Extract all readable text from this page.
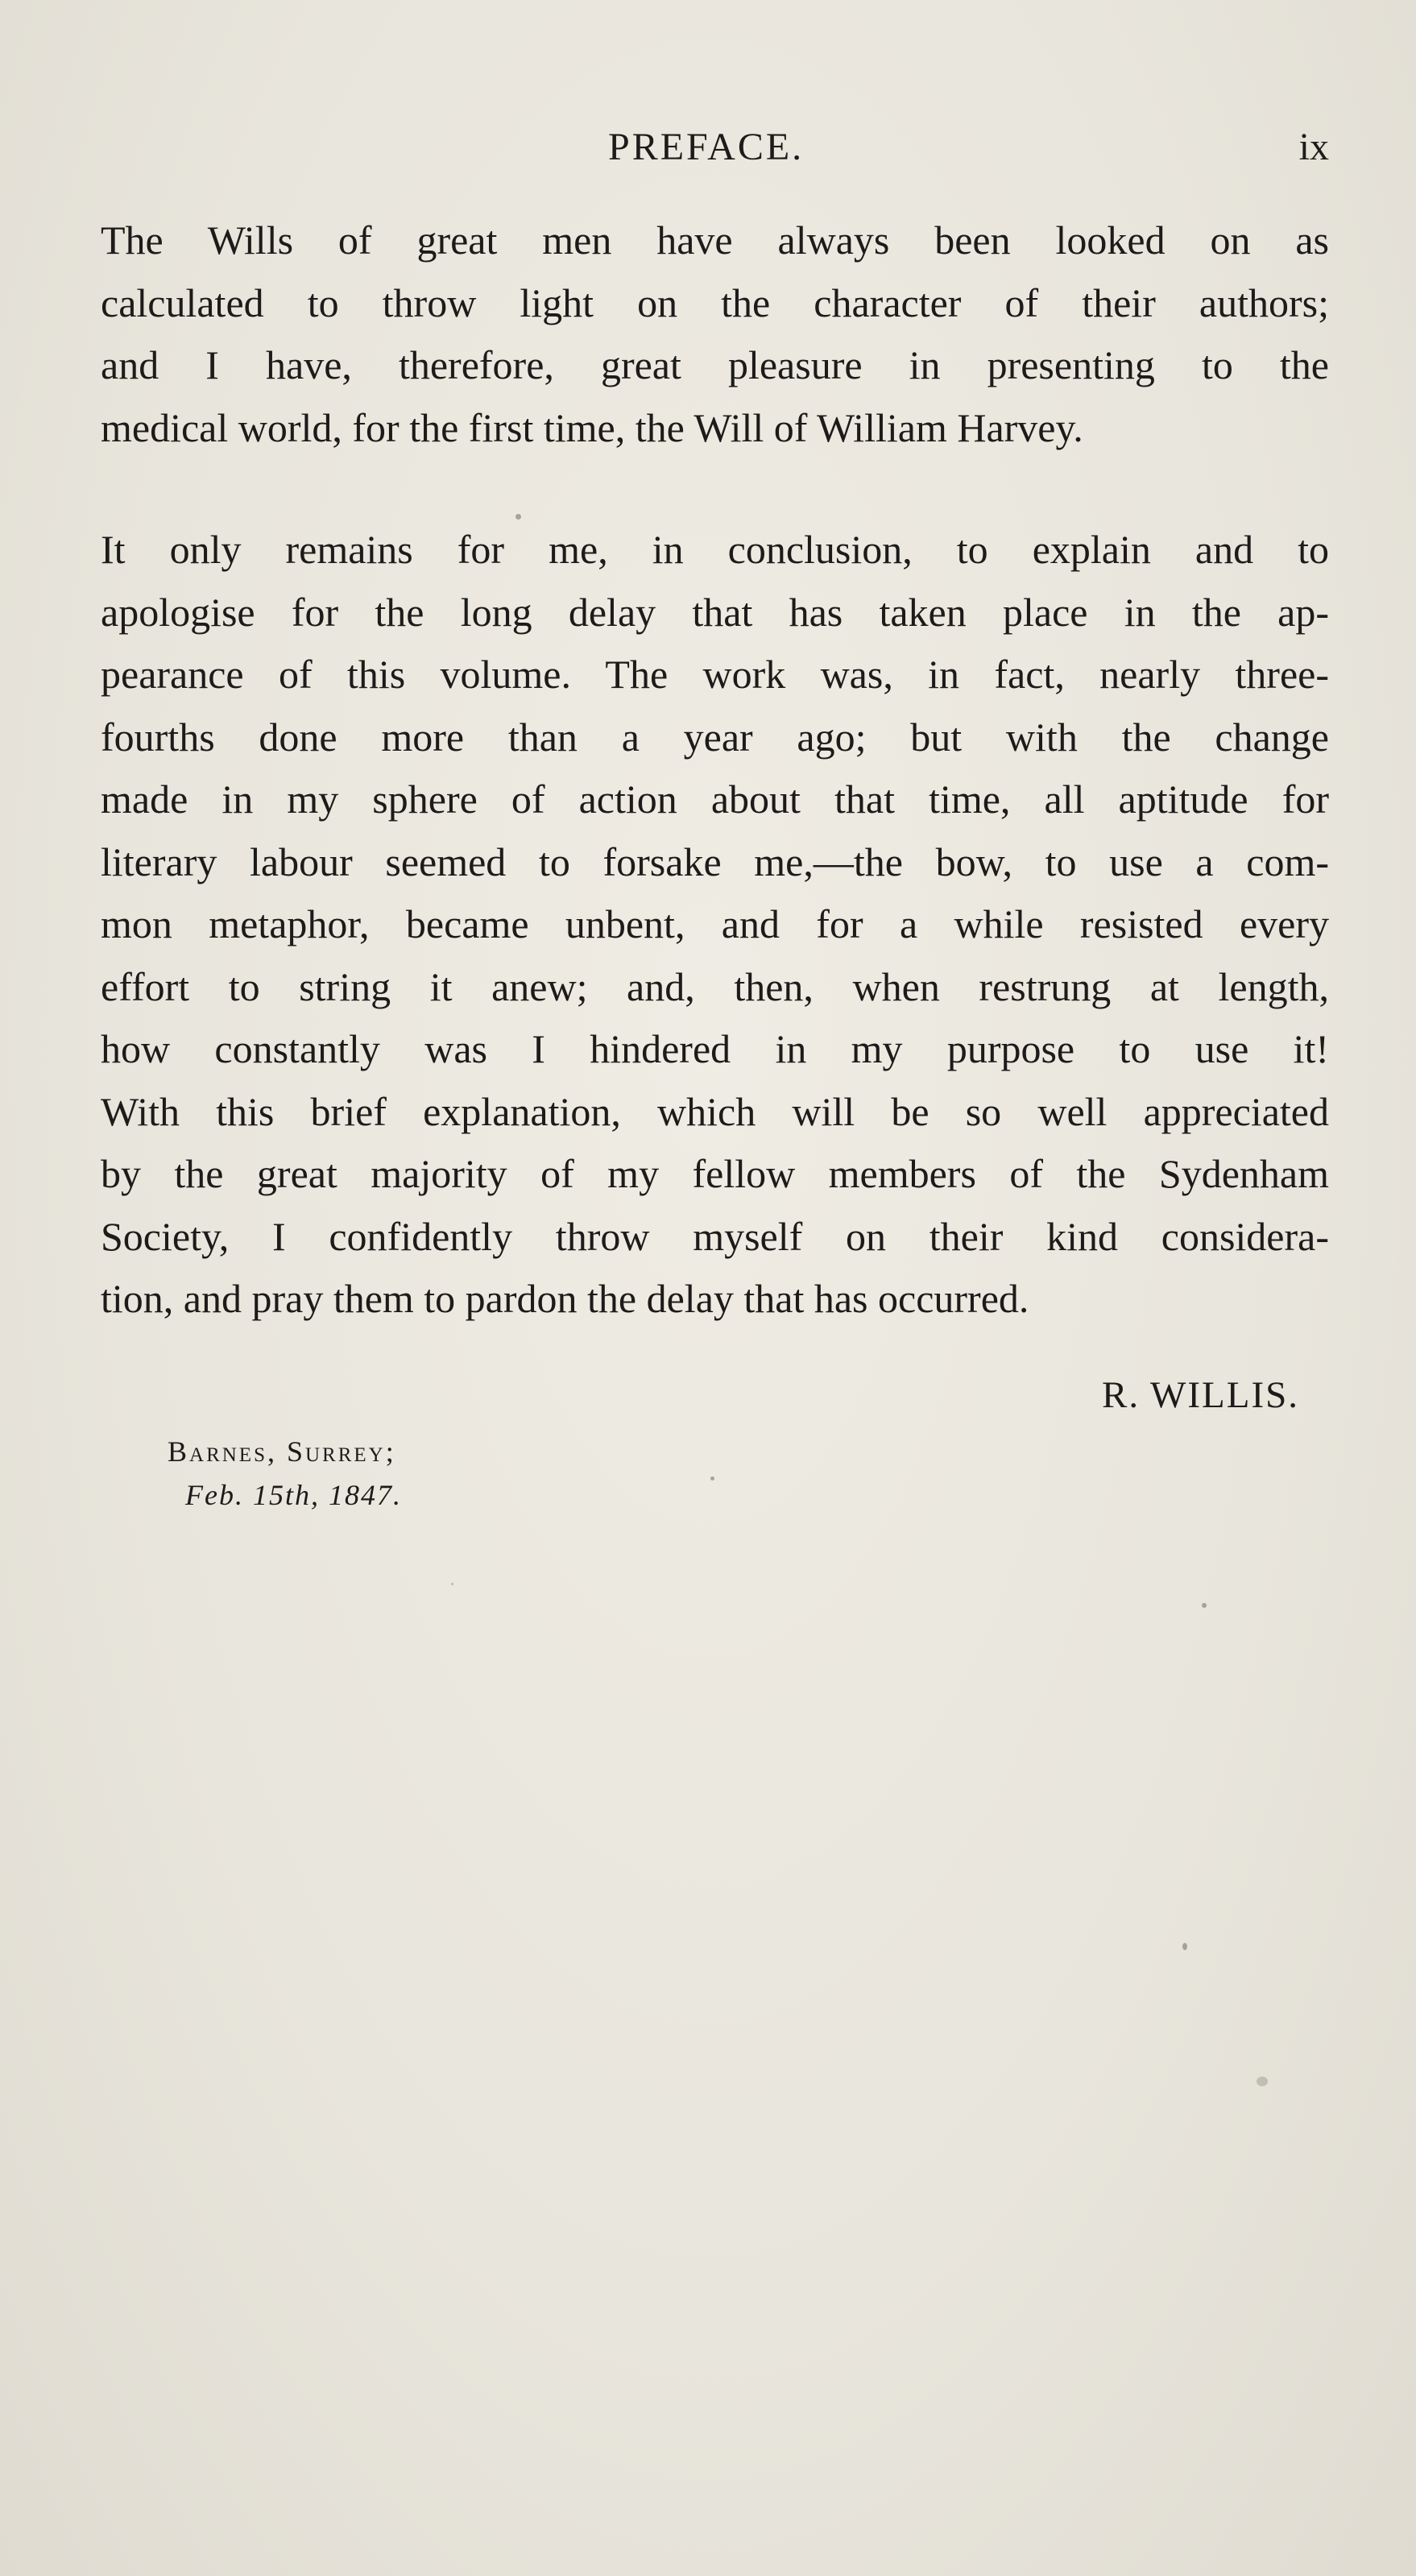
PREFACE.	ix
The Wills of great men have always been looked on as
calculated to throw light on the character of their authors;
and I have, therefore, great pleasure in presenting to the
medical world, for the first time, the Will of William Harvey.
It only remains for me, in conclusion, to explain and to
apologise for the long delay that has taken place in the ap-
pearance of this volume. The work was, in fact, nearly three-
fourths done more than a year ago; but with the change
made in my sphere of action about that time, all aptitude for
literary labour seemed to forsake me,—the bow, to use a com-
mon metaphor, became unbent, and for a while resisted every
effort to string it anew; and, then, when restrung at length,
how constantly was I hindered in my purpose to use it!
With this brief explanation, which will be so well appreciated
by the great majority of my fellow members of the Sydenham
Society, I confidently throw myself on their kind considera-
tion, and pray them to pardon the delay that has occurred.
R. WILLIS.
Barnes, Surrey;
Feb. 15th, 1847.
